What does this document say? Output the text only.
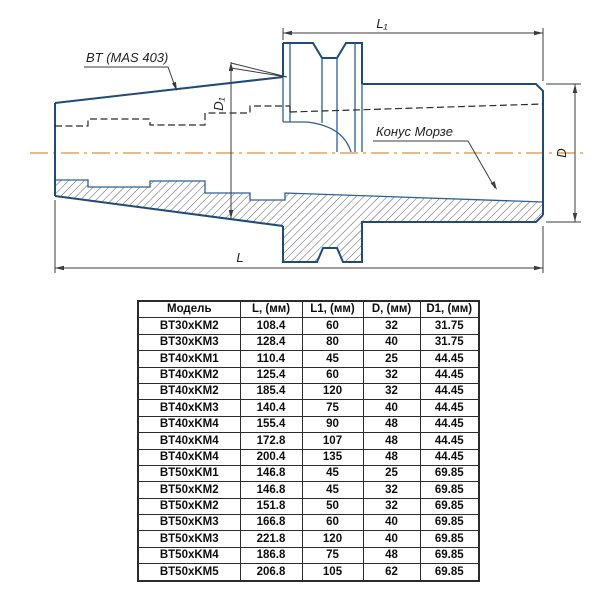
L₁
L
D
D₁
BT (MAS 403)
Конус Морзе
Модель	L, (мм)	L1, (мм)	D, (мм)	D1, (мм)
BT30xKM2	108.4	60	32	31.75
BT30xKM3	128.4	80	40	31.75
BT40xKM1	110.4	45	25	44.45
BT40xKM2	125.4	60	32	44.45
BT40xKM2	185.4	120	32	44.45
BT40xKM3	140.4	75	40	44.45
BT40xKM4	155.4	90	48	44.45
BT40xKM4	172.8	107	48	44.45
BT40xKM4	200.4	135	48	44.45
BT50xKM1	146.8	45	25	69.85
BT50xKM2	146.8	45	32	69.85
BT50xKM2	151.8	50	32	69.85
BT50xKM3	166.8	60	40	69.85
BT50xKM3	221.8	120	40	69.85
BT50xKM4	186.8	75	48	69.85
BT50xKM5	206.8	105	62	69.85
